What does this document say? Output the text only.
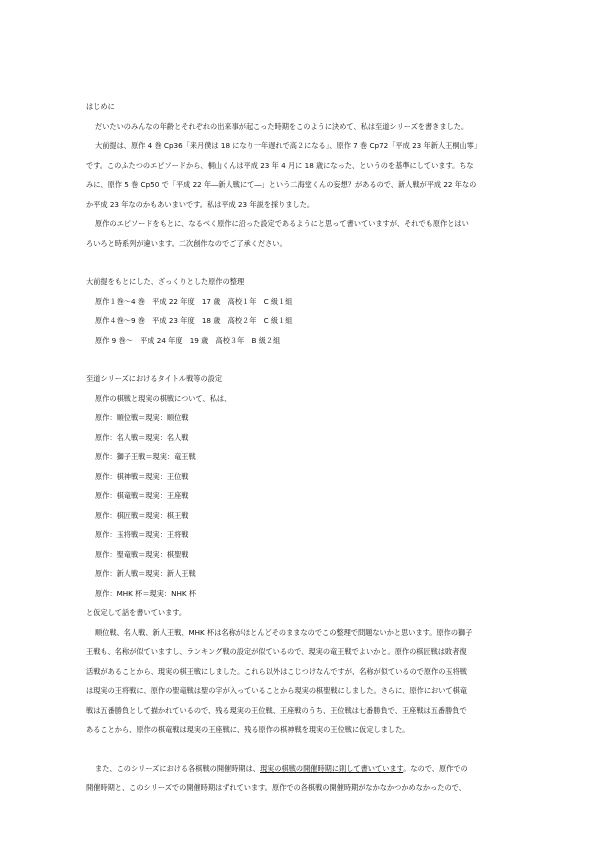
はじめに
だいたいのみんなの年齢とそれぞれの出来事が起こった時期をこのように決めて、私は至道シリーズを書きました。
大前提は、原作 4 巻 Cp36「来月僕は 18 になり一年遅れで高２になる」、原作 7 巻 Cp72「平成 23 年新人王桐山零」
です。このふたつのエピソードから、桐山くんは平成 23 年 4 月に 18 歳になった、というのを基準にしています。ちな
みに、原作 5 巻 Cp50 で「平成 22 年―新人戦にて―」という二海堂くんの妄想？があるので、新人戦が平成 22 年なの
か平成 23 年なのかもあいまいです。私は平成 23 年説を採りました。
原作のエピソードをもとに、なるべく原作に沿った設定であるようにと思って書いていますが、それでも原作とはい
ろいろと時系列が違います。二次創作なのでご了承ください。
大前提をもとにした、ざっくりとした原作の整理
原作１巻～4 巻　平成 22 年度　17 歳　高校１年　C 級１組
原作４巻～9 巻　平成 23 年度　18 歳　高校２年　C 級１組
原作 9 巻～　平成 24 年度　19 歳　高校３年　B 級２組
至道シリーズにおけるタイトル戦等の設定
原作の棋戦と現実の棋戦について、私は、
原作：順位戦＝現実：順位戦
原作：名人戦＝現実：名人戦
原作：獅子王戦＝現実：竜王戦
原作：棋神戦＝現実：王位戦
原作：棋竜戦＝現実：王座戦
原作：棋匠戦＝現実：棋王戦
原作：玉将戦＝現実：王将戦
原作：聖竜戦＝現実：棋聖戦
原作：新人戦＝現実：新人王戦
原作：MHK 杯＝現実：NHK 杯
と仮定して話を書いています。
順位戦、名人戦、新人王戦、MHK 杯は名称がほとんどそのままなのでこの整理で問題ないかと思います。原作の獅子
王戦も、名称が似ていますし、ランキング戦の設定が似ているので、現実の竜王戦でよいかと。原作の棋匠戦は敗者復
活戦があることから、現実の棋王戦にしました。これら以外はこじつけなんですが、名称が似ているので原作の玉将戦
は現実の王将戦に、原作の聖竜戦は聖の字が入っていることから現実の棋聖戦にしました。さらに、原作において棋竜
戦は五番勝負として描かれているので、残る現実の王位戦、王座戦のうち、王位戦は七番勝負で、王座戦は五番勝負で
あることから、原作の棋竜戦は現実の王座戦に、残る原作の棋神戦を現実の王位戦に仮定しました。
また、このシリーズにおける各棋戦の開催時期は、現実の棋戦の開催時期に則して書いています。なので、原作での
開催時期と、このシリーズでの開催時期はずれています。原作での各棋戦の開催時期がなかなかつかめなかったので、
